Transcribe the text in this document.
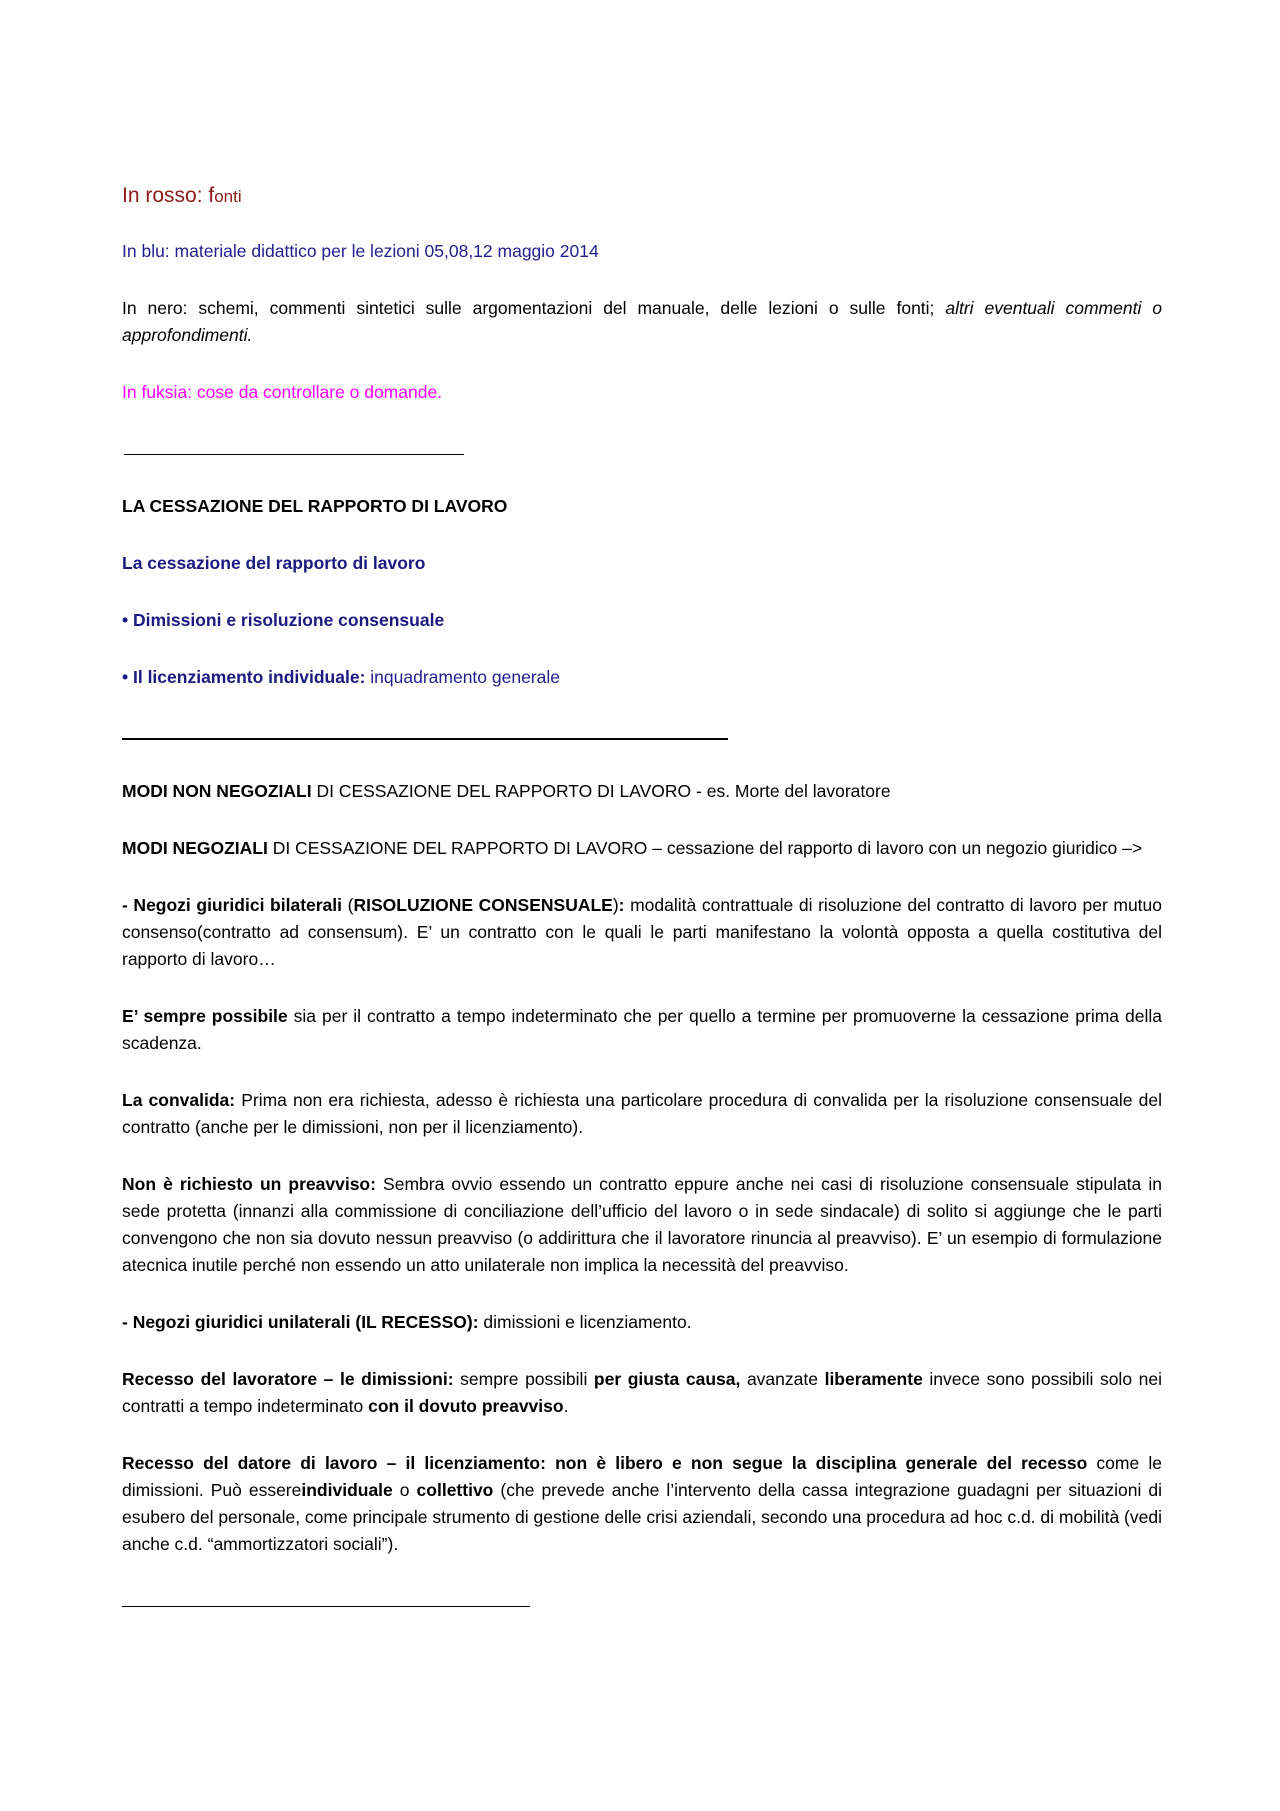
In rosso: fonti

In blu: materiale didattico per le lezioni 05,08,12 maggio 2014

In nero: schemi, commenti sintetici sulle argomentazioni del manuale, delle lezioni o sulle fonti; altri eventuali commenti o approfondimenti.

In fuksia: cose da controllare o domande.

LA CESSAZIONE DEL RAPPORTO DI LAVORO

La cessazione del rapporto di lavoro

• Dimissioni e risoluzione consensuale

• Il licenziamento individuale: inquadramento generale

MODI NON NEGOZIALI DI CESSAZIONE DEL RAPPORTO DI LAVORO - es. Morte del lavoratore

MODI NEGOZIALI DI CESSAZIONE DEL RAPPORTO DI LAVORO – cessazione del rapporto di lavoro con un negozio giuridico –>

- Negozi giuridici bilaterali (RISOLUZIONE CONSENSUALE): modalità contrattuale di risoluzione del contratto di lavoro per mutuo consenso(contratto ad consensum). E’ un contratto con le quali le parti manifestano la volontà opposta a quella costitutiva del rapporto di lavoro…

E’ sempre possibile sia per il contratto a tempo indeterminato che per quello a termine per promuoverne la cessazione prima della scadenza.

La convalida: Prima non era richiesta, adesso è richiesta una particolare procedura di convalida per la risoluzione consensuale del contratto (anche per le dimissioni, non per il licenziamento).

Non è richiesto un preavviso: Sembra ovvio essendo un contratto eppure anche nei casi di risoluzione consensuale stipulata in sede protetta (innanzi alla commissione di conciliazione dell’ufficio del lavoro o in sede sindacale) di solito si aggiunge che le parti convengono che non sia dovuto nessun preavviso (o addirittura che il lavoratore rinuncia al preavviso). E’ un esempio di formulazione atecnica inutile perché non essendo un atto unilaterale non implica la necessità del preavviso.

- Negozi giuridici unilaterali (IL RECESSO): dimissioni e licenziamento.

Recesso del lavoratore – le dimissioni: sempre possibili per giusta causa, avanzate liberamente invece sono possibili solo nei contratti a tempo indeterminato con il dovuto preavviso.

Recesso del datore di lavoro – il licenziamento: non è libero e non segue la disciplina generale del recesso come le dimissioni. Può essereindividuale o collettivo (che prevede anche l’intervento della cassa integrazione guadagni per situazioni di esubero del personale, come principale strumento di gestione delle crisi aziendali, secondo una procedura ad hoc c.d. di mobilità (vedi anche c.d. “ammortizzatori sociali”).
